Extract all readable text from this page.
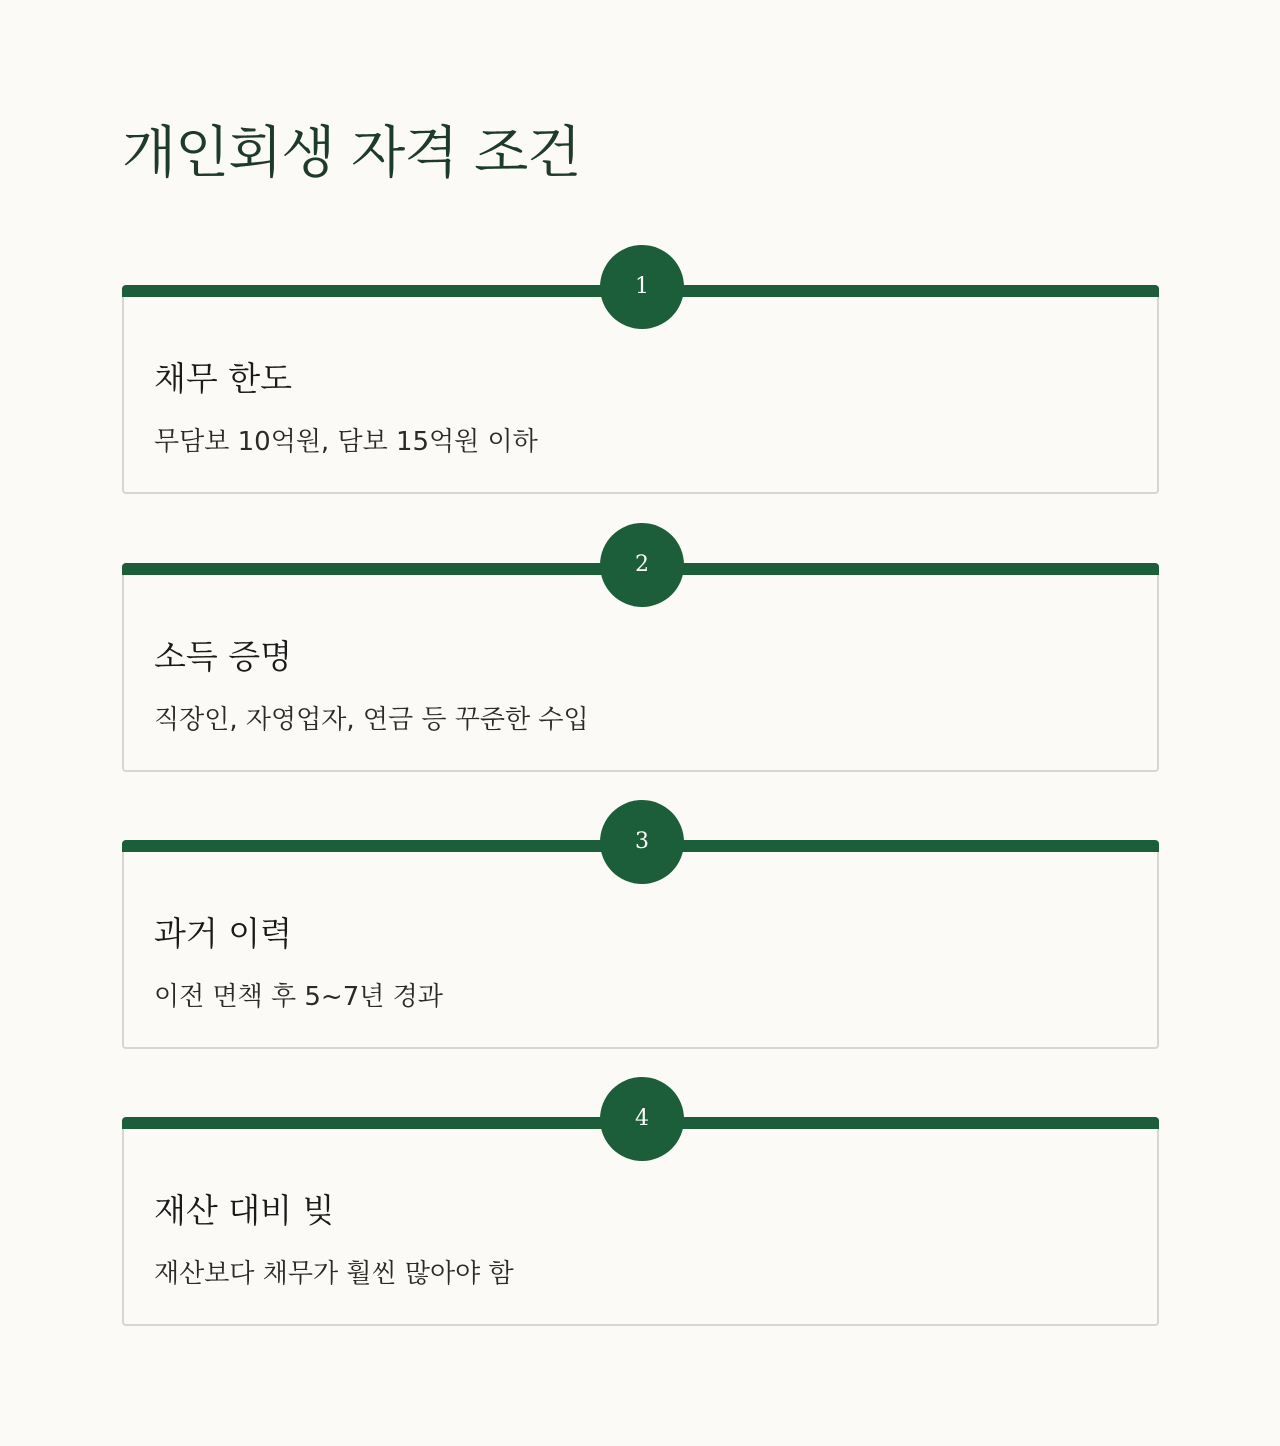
개인회생 자격 조건
1
채무 한도

무담보 10억원, 담보 15억원 이하

2
소득 증명

직장인, 자영업자, 연금 등 꾸준한 수입

3
과거 이력

이전 면책 후 5~7년 경과

4
재산 대비 빚

재산보다 채무가 훨씬 많아야 함
